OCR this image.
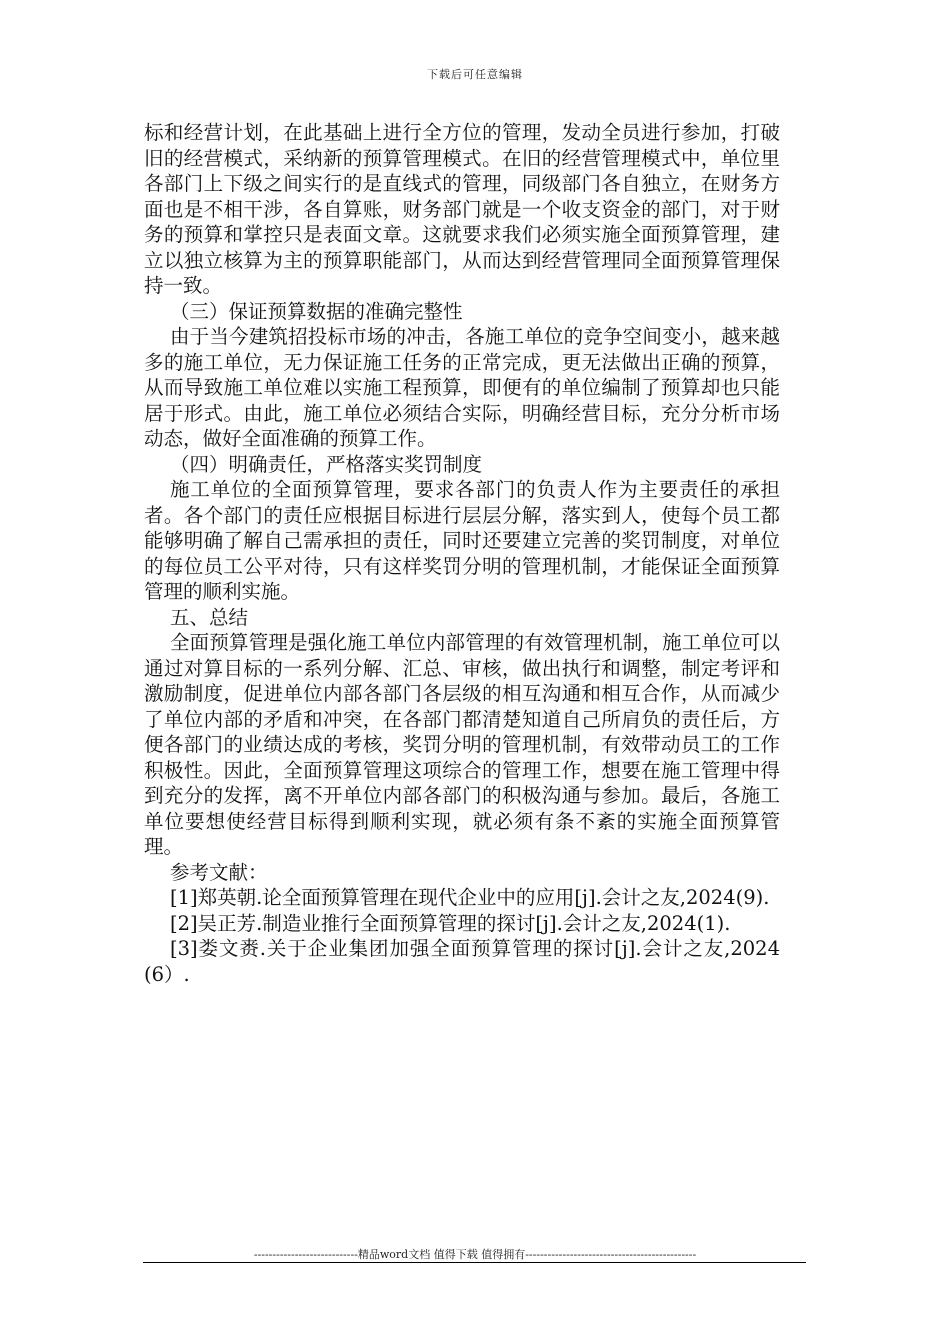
下载后可任意编辑

标和经营计划，在此基础上进行全方位的管理，发动全员进行参加，打破旧的经营模式，采纳新的预算管理模式。在旧的经营管理模式中，单位里各部门上下级之间实行的是直线式的管理，同级部门各自独立，在财务方面也是不相干涉，各自算账，财务部门就是一个收支资金的部门，对于财务的预算和掌控只是表面文章。这就要求我们必须实施全面预算管理，建立以独立核算为主的预算职能部门，从而达到经营管理同全面预算管理保持一致。

（三）保证预算数据的准确完整性

由于当今建筑招投标市场的冲击，各施工单位的竞争空间变小，越来越多的施工单位，无力保证施工任务的正常完成，更无法做出正确的预算，从而导致施工单位难以实施工程预算，即便有的单位编制了预算却也只能居于形式。由此，施工单位必须结合实际，明确经营目标，充分分析市场动态，做好全面准确的预算工作。

（四）明确责任，严格落实奖罚制度

施工单位的全面预算管理，要求各部门的负责人作为主要责任的承担者。各个部门的责任应根据目标进行层层分解，落实到人，使每个员工都能够明确了解自己需承担的责任，同时还要建立完善的奖罚制度，对单位的每位员工公平对待，只有这样奖罚分明的管理机制，才能保证全面预算管理的顺利实施。

五、总结

全面预算管理是强化施工单位内部管理的有效管理机制，施工单位可以通过对算目标的一系列分解、汇总、审核，做出执行和调整，制定考评和激励制度，促进单位内部各部门各层级的相互沟通和相互合作，从而减少了单位内部的矛盾和冲突，在各部门都清楚知道自己所肩负的责任后，方便各部门的业绩达成的考核，奖罚分明的管理机制，有效带动员工的工作积极性。因此，全面预算管理这项综合的管理工作，想要在施工管理中得到充分的发挥，离不开单位内部各部门的积极沟通与参加。最后，各施工单位要想使经营目标得到顺利实现，就必须有条不紊的实施全面预算管理。

参考文献：

[1]郑英朝.论全面预算管理在现代企业中的应用[j].会计之友,2024(9).

[2]吴正芳.制造业推行全面预算管理的探讨[j].会计之友,2024(1).

[3]娄文赉.关于企业集团加强全面预算管理的探讨[j].会计之友,2024(6）.

----------------------------精品word文档 值得下载 值得拥有----------------------------------------------
